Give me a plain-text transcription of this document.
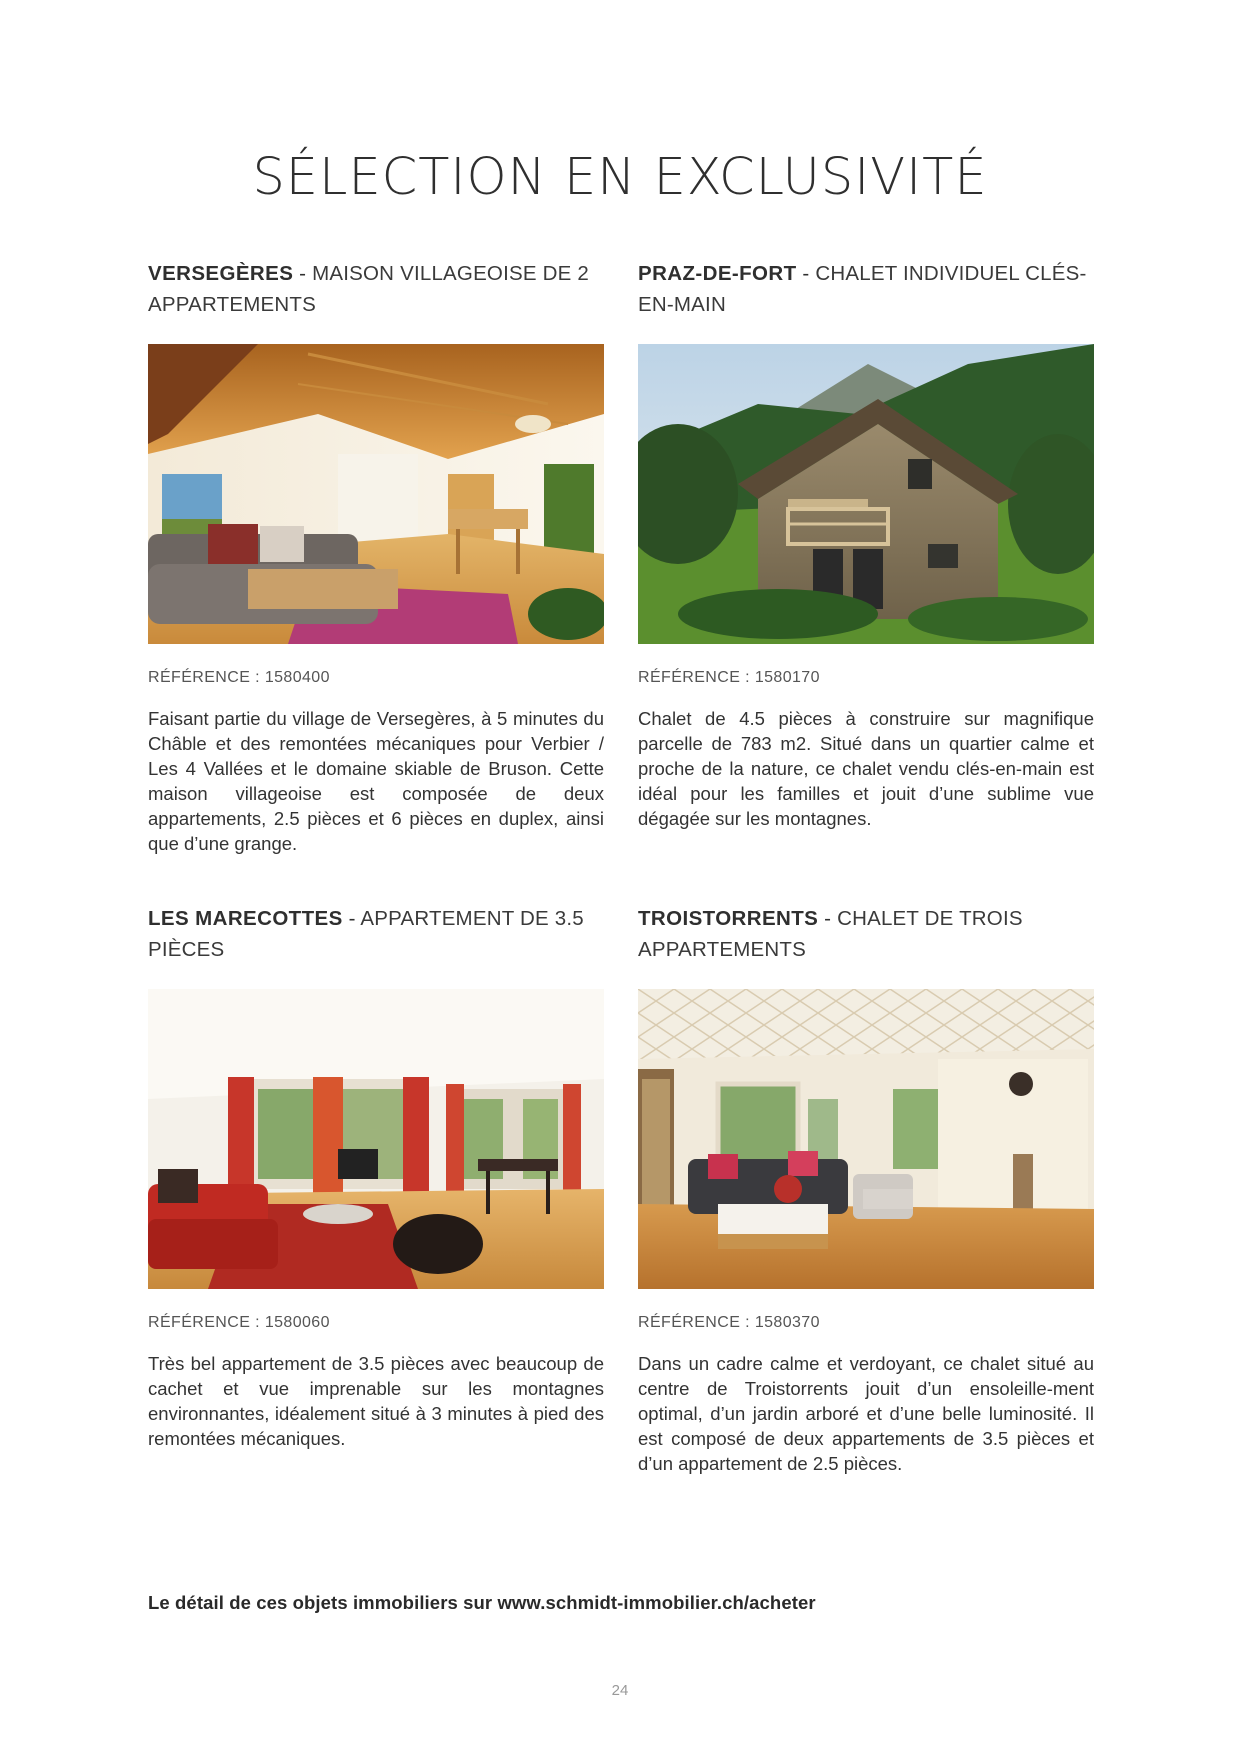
SÉLECTION EN EXCLUSIVITÉ
VERSEGÈRES - MAISON VILLAGEOISE DE 2 APPARTEMENTS
RÉFÉRENCE : 1580400
Faisant partie du village de Versegères, à 5 minutes du Châble et des remontées mécaniques pour Verbier / Les 4 Vallées et le domaine skiable de Bruson. Cette maison villageoise est composée de deux appartements, 2.5 pièces et 6 pièces en duplex, ainsi que d’une grange.
PRAZ-DE-FORT - CHALET INDIVIDUEL CLÉS-EN-MAIN
RÉFÉRENCE : 1580170
Chalet de 4.5 pièces à construire sur magnifique parcelle de 783 m2. Situé dans un quartier calme et proche de la nature, ce chalet vendu clés-en-main est idéal pour les familles et jouit d’une sublime vue dégagée sur les montagnes.
LES MARECOTTES - APPARTEMENT DE 3.5 PIÈCES
RÉFÉRENCE : 1580060
Très bel appartement de 3.5 pièces avec beaucoup de cachet et vue imprenable sur les montagnes environnantes, idéalement situé à 3 minutes à pied des remontées mécaniques.
TROISTORRENTS - CHALET DE TROIS APPARTEMENTS
RÉFÉRENCE : 1580370
Dans un cadre calme et verdoyant, ce chalet situé au centre de Troistorrents jouit d’un ensoleille-ment optimal, d’un jardin arboré et d’une belle luminosité. Il est composé de deux appartements de 3.5 pièces et d’un appartement de 2.5 pièces.
Le détail de ces objets immobiliers sur www.schmidt-immobilier.ch/acheter
24
